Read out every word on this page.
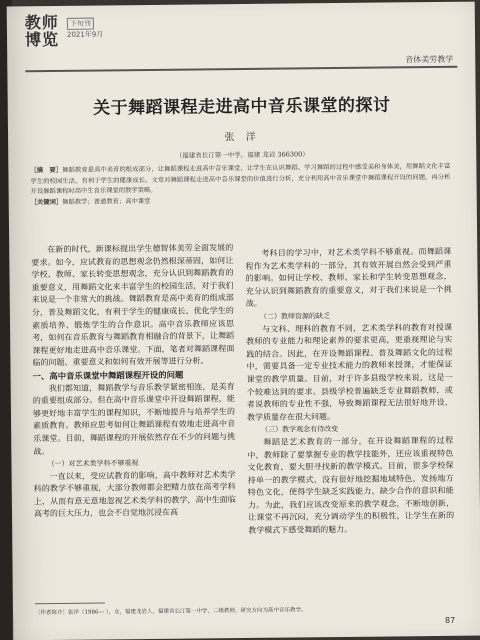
教师
博览
下旬刊
2021年9月
音体美劳教学
关于舞蹈课程走进高中音乐课堂的探讨
张 洋
（福建省长汀第一中学，福建 龙岩 366300）
［摘　要］舞蹈教育是高中美育的组成部分，让舞蹈课程走进高中音乐课堂，让学生在认识舞蹈、学习舞蹈的过程中感受美和身体美，用舞蹈文化丰富学生的校园生活，有利于学生的健康成长。文章对舞蹈课程走进高中音乐课堂的价值进行分析，充分利用高中音乐课堂中舞蹈课程开设的问题，再分析开设舞蹈课程时高中生音乐课堂的教学策略。
［关键词］舞蹈教学；普通教育；高中课堂

在新的时代，新课标提出学生德智体美劳全面发展的要求。如今，应试教育的思想观念仍然根深蒂固，如何让学校、教师、家长转变思想观念，充分认识到舞蹈教育的重要意义，用舞蹈文化来丰富学生的校园生活，对于我们来说是一个非常大的挑战。舞蹈教育是高中美育的组成部分，普及舞蹈文化，有利于学生的健康成长、优化学生的素质培养、锻炼学生的合作意识。高中音乐教师应该思考，如何在音乐教育与舞蹈教育相融合的背景下，让舞蹈课程更好地走进高中音乐课堂。下面，笔者对舞蹈课程面临的问题、重要意义和如何有效开展等进行分析。

一、高中音乐课堂中舞蹈课程开设的问题

我们都知道，舞蹈教学与音乐教学紧密相连，是美育的重要组成部分。但在高中音乐课堂中开设舞蹈课程，能够更好地丰富学生的课程知识，不断地提升与培养学生的素质教育。教师应思考如何让舞蹈课程有效地走进高中音乐课堂。目前，舞蹈课程的开展依然存在不少的问题与挑战。

（一）对艺术类学科不够重视

一直以来，受应试教育的影响，高中教师对艺术类学科的教学不够重视，大部分教师都会把精力放在高考学科上，从而有意无意地忽视艺术类学科的教学，高中生面临高考的巨大压力，也会不自觉地沉浸在高

考科目的学习中，对艺术类学科不够重视。而舞蹈课程作为艺术类学科的一部分，其有效开展自然会受到严重的影响。如何让学校、教师、家长和学生转变思想观念，充分认识到舞蹈教育的重要意义，对于我们来说是一个挑战。

（二）教师资源的缺乏

与文科、理科的教育不同，艺术类学科的教育对授课教师的专业能力和理论素养的要求更高，更重视理论与实践的结合。因此，在开设舞蹈课程、普及舞蹈文化的过程中，需要具备一定专业技术能力的教师来授课，才能保证课堂的教学质量。目前，对于许多县级学校来说，这是一个较难达到的要求。县级学校普遍缺乏专业舞蹈教师，或者说教师的专业性不强，导致舞蹈课程无法很好地开设，教学质量存在很大问题。

（三）教学观念有待改变

舞蹈是艺术教育的一部分，在开设舞蹈课程的过程中，教师除了要掌握专业的教学技能外，还应该重视特色文化教育，要大胆寻找新的教学模式。目前，很多学校保持单一的教学模式，没有很好地挖掘地域特色，发扬地方特色文化，使得学生缺乏实践能力，缺少合作的意识和能力。为此，我们应该改变原来的教学观念，不断地创新，让课堂不再沉闷，充分调动学生的积极性，让学生在新的教学模式下感受舞蹈的魅力。

［作者简介］张洋（1986— ），女，福建龙岩人，福建省长汀第一中学，二级教师，研究方向为高中音乐教学。
87
